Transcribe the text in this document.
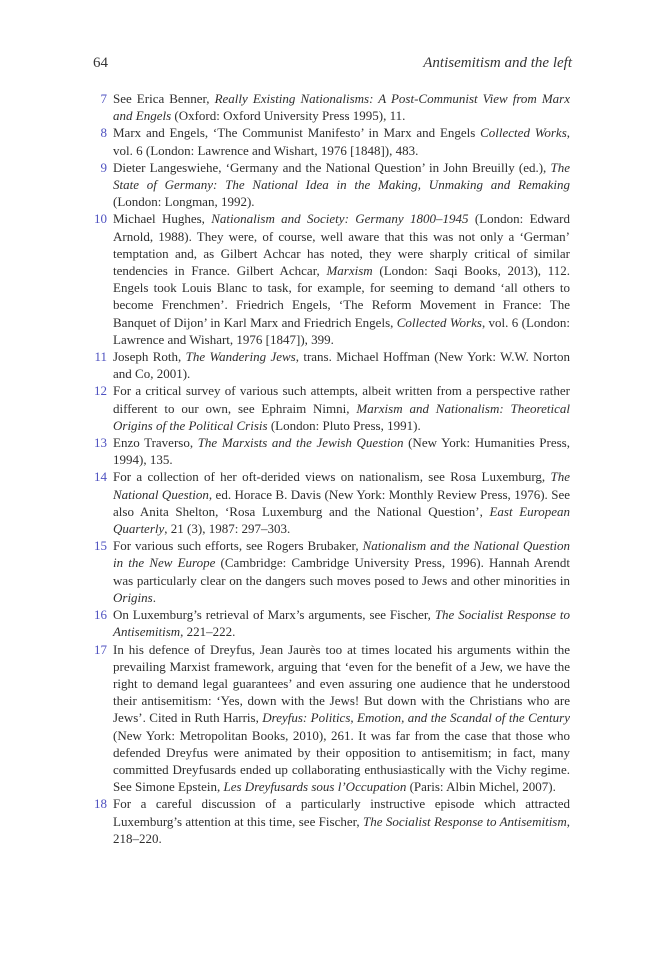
64	Antisemitism and the left
7 See Erica Benner, Really Existing Nationalisms: A Post-Communist View from Marx and Engels (Oxford: Oxford University Press 1995), 11.
8 Marx and Engels, ‘The Communist Manifesto’ in Marx and Engels Collected Works, vol. 6 (London: Lawrence and Wishart, 1976 [1848]), 483.
9 Dieter Langeswiehe, ‘Germany and the National Question’ in John Breuilly (ed.), The State of Germany: The National Idea in the Making, Unmaking and Remaking (London: Longman, 1992).
10 Michael Hughes, Nationalism and Society: Germany 1800–1945 (London: Edward Arnold, 1988). They were, of course, well aware that this was not only a ‘German’ temptation and, as Gilbert Achcar has noted, they were sharply critical of similar tendencies in France. Gilbert Achcar, Marxism (London: Saqi Books, 2013), 112. Engels took Louis Blanc to task, for example, for seeming to demand ‘all others to become Frenchmen’. Friedrich Engels, ‘The Reform Movement in France: The Banquet of Dijon’ in Karl Marx and Friedrich Engels, Collected Works, vol. 6 (London: Lawrence and Wishart, 1976 [1847]), 399.
11 Joseph Roth, The Wandering Jews, trans. Michael Hoffman (New York: W.W. Norton and Co, 2001).
12 For a critical survey of various such attempts, albeit written from a perspective rather different to our own, see Ephraim Nimni, Marxism and Nationalism: Theoretical Origins of the Political Crisis (London: Pluto Press, 1991).
13 Enzo Traverso, The Marxists and the Jewish Question (New York: Humanities Press, 1994), 135.
14 For a collection of her oft-derided views on nationalism, see Rosa Luxemburg, The National Question, ed. Horace B. Davis (New York: Monthly Review Press, 1976). See also Anita Shelton, ‘Rosa Luxemburg and the National Question’, East European Quarterly, 21 (3), 1987: 297–303.
15 For various such efforts, see Rogers Brubaker, Nationalism and the National Question in the New Europe (Cambridge: Cambridge University Press, 1996). Hannah Arendt was particularly clear on the dangers such moves posed to Jews and other minorities in Origins.
16 On Luxemburg’s retrieval of Marx’s arguments, see Fischer, The Socialist Response to Antisemitism, 221–222.
17 In his defence of Dreyfus, Jean Jaurès too at times located his arguments within the prevailing Marxist framework, arguing that ‘even for the benefit of a Jew, we have the right to demand legal guarantees’ and even assuring one audience that he understood their antisemitism: ‘Yes, down with the Jews! But down with the Christians who are Jews’. Cited in Ruth Harris, Dreyfus: Politics, Emotion, and the Scandal of the Century (New York: Metropolitan Books, 2010), 261. It was far from the case that those who defended Dreyfus were animated by their opposition to antisemitism; in fact, many committed Dreyfusards ended up collaborating enthusiastically with the Vichy regime. See Simone Epstein, Les Dreyfusards sous l’Occupation (Paris: Albin Michel, 2007).
18 For a careful discussion of a particularly instructive episode which attracted Luxemburg’s attention at this time, see Fischer, The Socialist Response to Antisemitism, 218–220.
